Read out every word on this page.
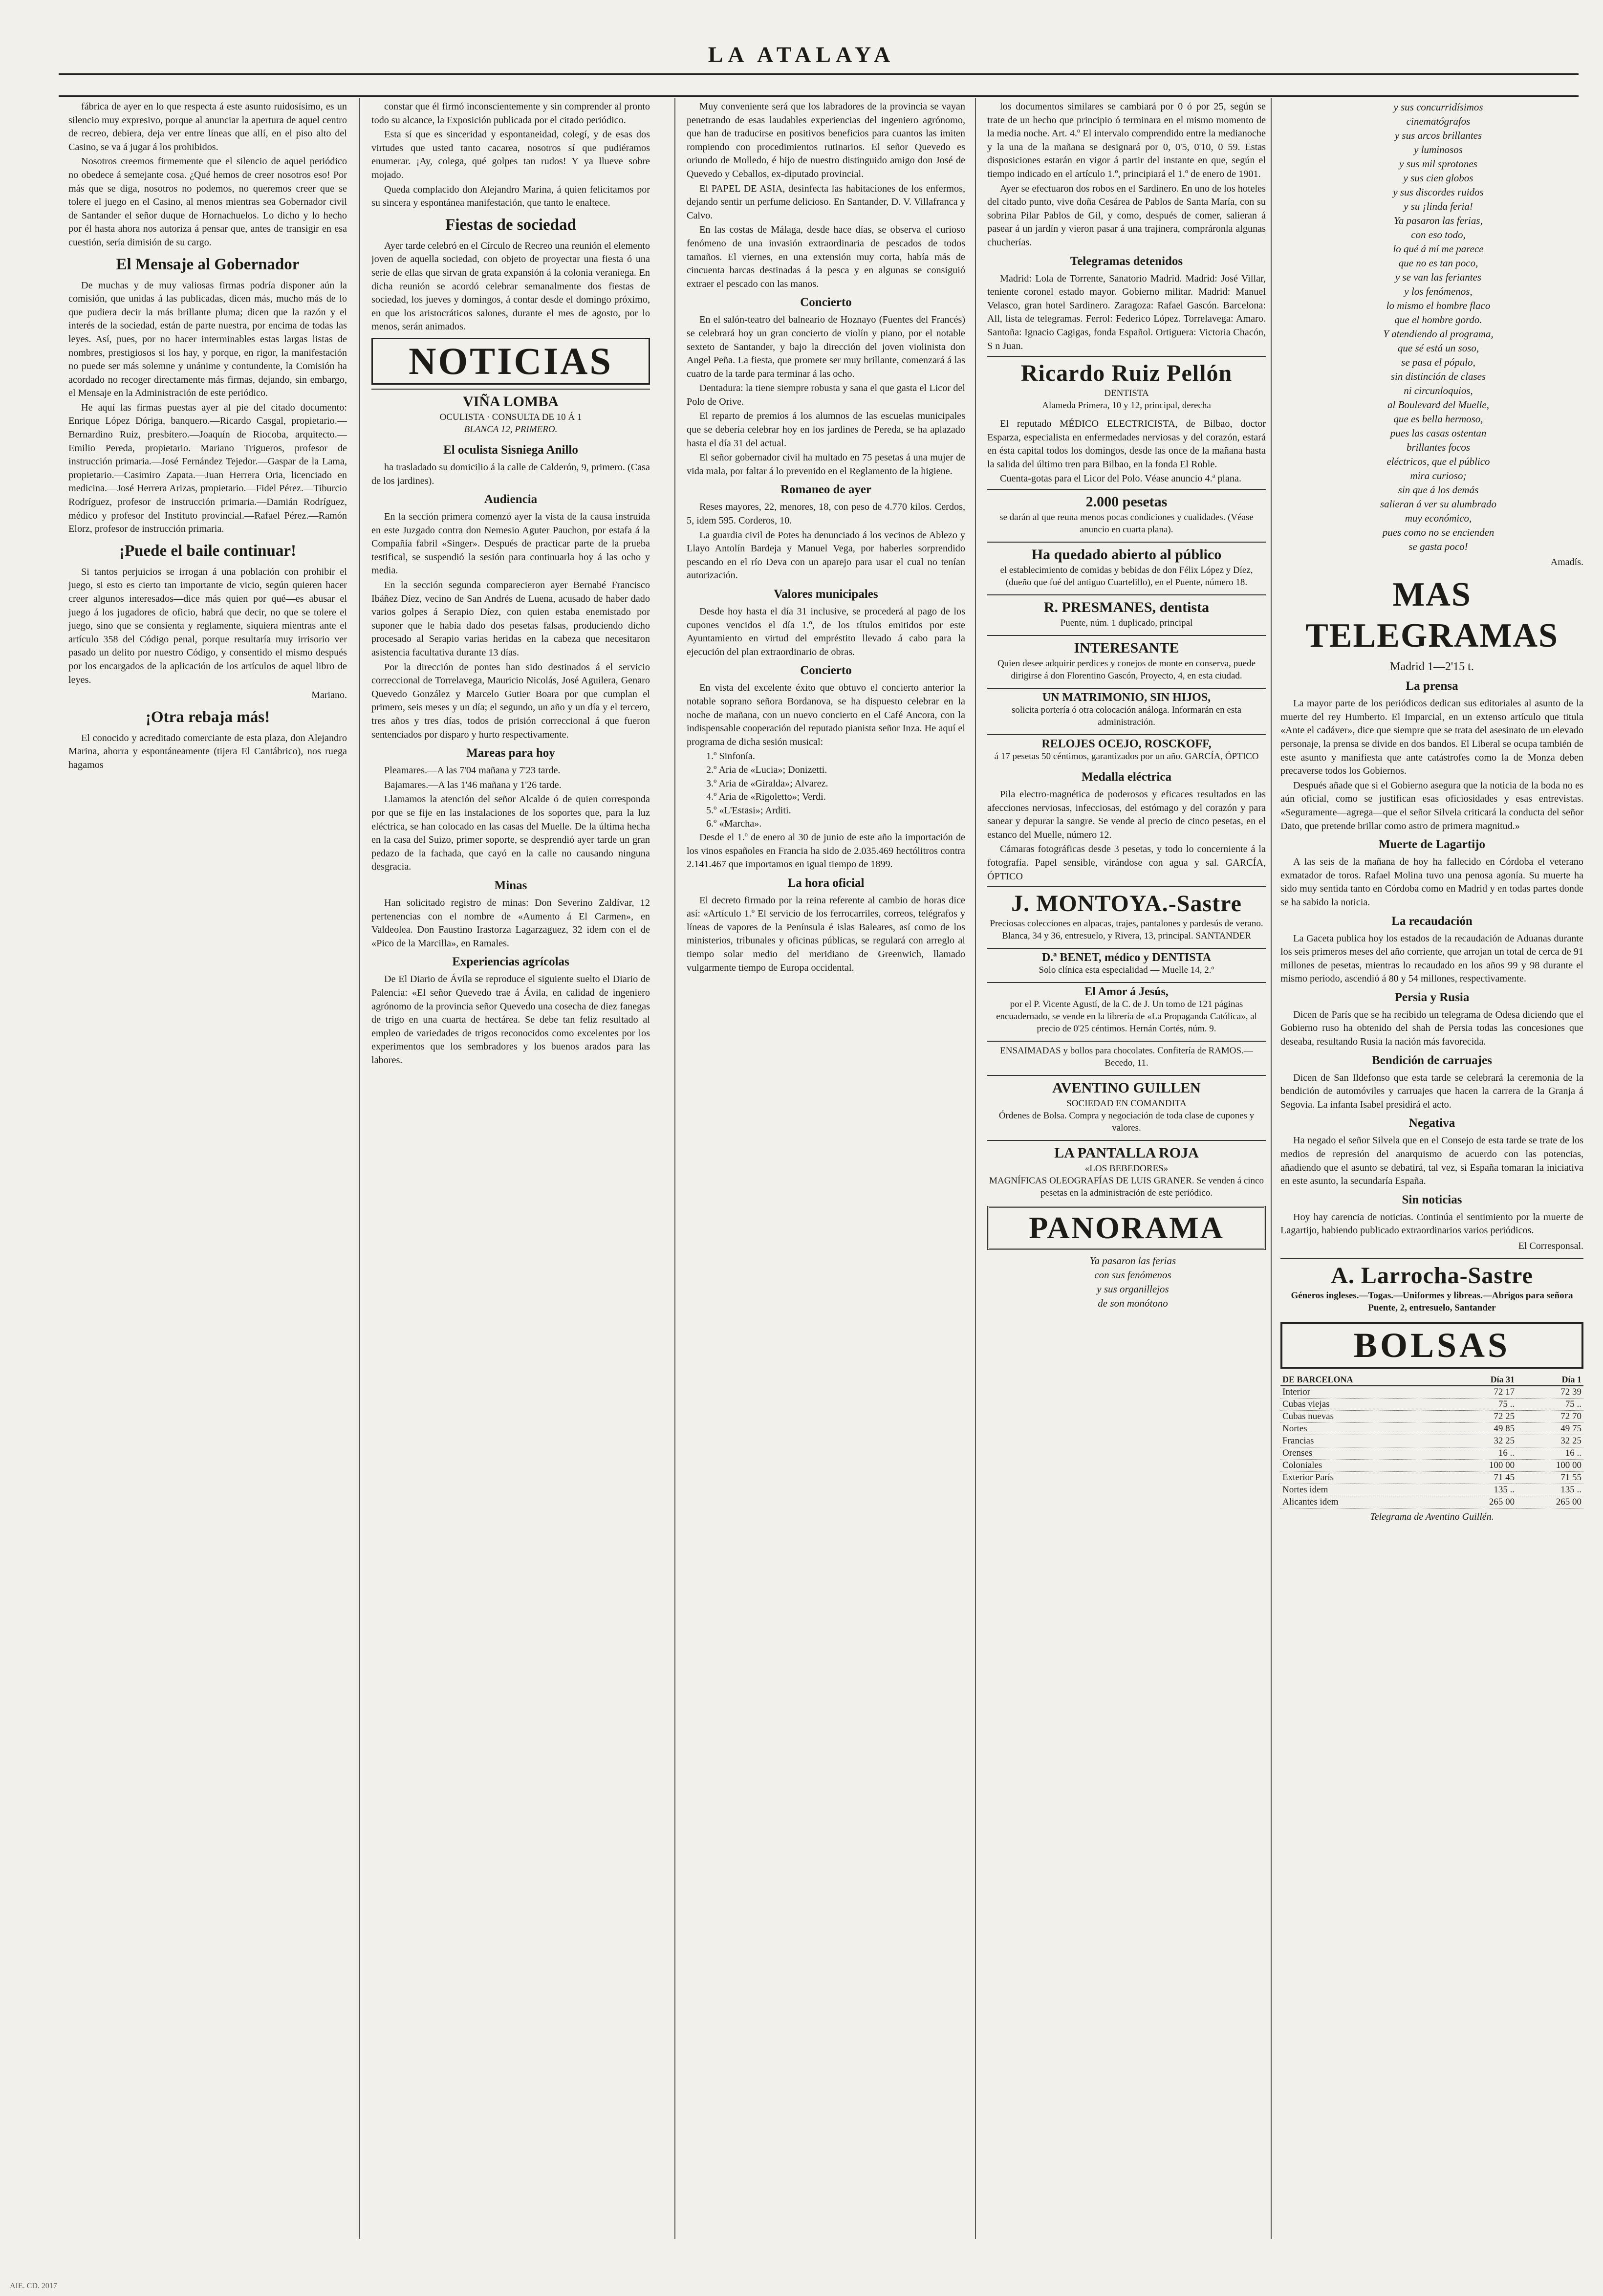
LA ATALAYA

fábrica de ayer en lo que respecta á este asunto ruidosísimo, es un silencio muy expresivo, porque al anunciar la apertura de aquel centro de recreo, debiera, deja ver entre líneas que allí, en el piso alto del Casino, se va á jugar á los prohibidos.

Nosotros creemos firmemente que el silencio de aquel periódico no obedece á semejante cosa. ¿Qué hemos de creer nosotros eso! Por más que se diga, nosotros no podemos, no queremos creer que se tolere el juego en el Casino, al menos mientras sea Gobernador civil de Santander el señor duque de Hornachuelos. Lo dicho y lo hecho por él hasta ahora nos autoriza á pensar que, antes de transigir en esa cuestión, sería dimisión de su cargo.

El Mensaje al Gobernador

De muchas y de muy valiosas firmas podría disponer aún la comisión, que unidas á las publicadas, dicen más, mucho más de lo que pudiera decir la más brillante pluma; dicen que la razón y el interés de la sociedad, están de parte nuestra, por encima de todas las leyes. Así, pues, por no hacer interminables estas largas listas de nombres, prestigiosos si los hay, y porque, en rigor, la manifestación no puede ser más solemne y unánime y contundente, la Comisión ha acordado no recoger directamente más firmas, dejando, sin embargo, el Mensaje en la Administración de este periódico.

He aquí las firmas puestas ayer al pie del citado documento: Enrique López Dóriga, banquero.—Ricardo Casgal, propietario.—Bernardino Ruiz, presbítero.—Joaquín de Riocoba, arquitecto.—Emilio Pereda, propietario.—Mariano Trigueros, profesor de instrucción primaria.—José Fernández Tejedor.—Gaspar de la Lama, propietario.—Casimiro Zapata.—Juan Herrera Oria, licenciado en medicina.—José Herrera Arizas, propietario.—Fidel Pérez.—Tiburcio Rodríguez, profesor de instrucción primaria.—Damián Rodríguez, médico y profesor del Instituto provincial.—Rafael Pérez.—Ramón Elorz, profesor de instrucción primaria.

¡Puede el baile continuar!

Si tantos perjuicios se irrogan á una población con prohibir el juego, si esto es cierto tan importante de vicio, según quieren hacer creer algunos interesados—dice más quien por qué—es abusar el juego á los jugadores de oficio, habrá que decir, no que se tolere el juego, sino que se consienta y reglamente, siquiera mientras ante el artículo 358 del Código penal, porque resultaría muy irrisorio ver pasado un delito por nuestro Código, y consentido el mismo después por los encargados de la aplicación de los artículos de aquel libro de leyes.

Mariano.
¡Otra rebaja más!

El conocido y acreditado comerciante de esta plaza, don Alejandro Marina, ahorra y espontáneamente (tijera El Cantábrico), nos ruega hagamos

constar que él firmó inconscientemente y sin comprender al pronto todo su alcance, la Exposición publicada por el citado periódico.

Esta sí que es sinceridad y espontaneidad, colegí, y de esas dos virtudes que usted tanto cacarea, nosotros sí que pudiéramos enumerar. ¡Ay, colega, qué golpes tan rudos! Y ya llueve sobre mojado.

Queda complacido don Alejandro Marina, á quien felicitamos por su sincera y espontánea manifestación, que tanto le enaltece.

Fiestas de sociedad

Ayer tarde celebró en el Círculo de Recreo una reunión el elemento joven de aquella sociedad, con objeto de proyectar una fiesta ó una serie de ellas que sirvan de grata expansión á la colonia veraniega. En dicha reunión se acordó celebrar semanalmente dos fiestas de sociedad, los jueves y domingos, á contar desde el domingo próximo, en que los aristocráticos salones, durante el mes de agosto, por lo menos, serán animados.

NOTICIAS
VIÑA LOMBA
OCULISTA · CONSULTA DE 10 Á 1
BLANCA 12, PRIMERO.
El oculista Sisniega Anillo

ha trasladado su domicilio á la calle de Calderón, 9, primero. (Casa de los jardines).

Audiencia

En la sección primera comenzó ayer la vista de la causa instruida en este Juzgado contra don Nemesio Aguter Pauchon, por estafa á la Compañía fabril «Singer». Después de practicar parte de la prueba testifical, se suspendió la sesión para continuarla hoy á las ocho y media.

En la sección segunda comparecieron ayer Bernabé Francisco Ibáñez Díez, vecino de San Andrés de Luena, acusado de haber dado varios golpes á Serapio Díez, con quien estaba enemistado por suponer que le había dado dos pesetas falsas, produciendo dicho procesado al Serapio varias heridas en la cabeza que necesitaron asistencia facultativa durante 13 días.

Por la dirección de pontes han sido destinados á el servicio correccional de Torrelavega, Mauricio Nicolás, José Aguilera, Genaro Quevedo González y Marcelo Gutier Boara por que cumplan el primero, seis meses y un día; el segundo, un año y un día y el tercero, tres años y tres días, todos de prisión correccional á que fueron sentenciados por disparo y hurto respectivamente.

Mareas para hoy

Pleamares.—A las 7'04 mañana y 7'23 tarde.

Bajamares.—A las 1'46 mañana y 1'26 tarde.

Llamamos la atención del señor Alcalde ó de quien corresponda por que se fije en las instalaciones de los soportes que, para la luz eléctrica, se han colocado en las casas del Muelle. De la última hecha en la casa del Suizo, primer soporte, se desprendió ayer tarde un gran pedazo de la fachada, que cayó en la calle no causando ninguna desgracia.

Minas

Han solicitado registro de minas: Don Severino Zaldívar, 12 pertenencias con el nombre de «Aumento á El Carmen», en Valdeolea. Don Faustino Irastorza Lagarzaguez, 32 idem con el de «Pico de la Marcilla», en Ramales.

Experiencias agrícolas

De El Diario de Ávila se reproduce el siguiente suelto el Diario de Palencia: «El señor Quevedo trae á Ávila, en calidad de ingeniero agrónomo de la provincia señor Quevedo una cosecha de diez fanegas de trigo en una cuarta de hectárea. Se debe tan feliz resultado al empleo de variedades de trigos reconocidos como excelentes por los experimentos que los sembradores y los buenos arados para las labores.

Muy conveniente será que los labradores de la provincia se vayan penetrando de esas laudables experiencias del ingeniero agrónomo, que han de traducirse en positivos beneficios para cuantos las imiten rompiendo con procedimientos rutinarios. El señor Quevedo es oriundo de Molledo, é hijo de nuestro distinguido amigo don José de Quevedo y Ceballos, ex-diputado provincial.

El PAPEL DE ASIA, desinfecta las habitaciones de los enfermos, dejando sentir un perfume delicioso. En Santander, D. V. Villafranca y Calvo.

En las costas de Málaga, desde hace días, se observa el curioso fenómeno de una invasión extraordinaria de pescados de todos tamaños. El viernes, en una extensión muy corta, había más de cincuenta barcas destinadas á la pesca y en algunas se consiguió extraer el pescado con las manos.

Concierto

En el salón-teatro del balneario de Hoznayo (Fuentes del Francés) se celebrará hoy un gran concierto de violín y piano, por el notable sexteto de Santander, y bajo la dirección del joven violinista don Angel Peña. La fiesta, que promete ser muy brillante, comenzará á las cuatro de la tarde para terminar á las ocho.

Dentadura: la tiene siempre robusta y sana el que gasta el Licor del Polo de Orive.

El reparto de premios á los alumnos de las escuelas municipales que se debería celebrar hoy en los jardines de Pereda, se ha aplazado hasta el día 31 del actual.

El señor gobernador civil ha multado en 75 pesetas á una mujer de vida mala, por faltar á lo prevenido en el Reglamento de la higiene.

Romaneo de ayer

Reses mayores, 22, menores, 18, con peso de 4.770 kilos. Cerdos, 5, idem 595. Corderos, 10.

La guardia civil de Potes ha denunciado á los vecinos de Ablezo y Llayo Antolín Bardeja y Manuel Vega, por haberles sorprendido pescando en el río Deva con un aparejo para usar el cual no tenían autorización.

Valores municipales

Desde hoy hasta el día 31 inclusive, se procederá al pago de los cupones vencidos el día 1.º, de los títulos emitidos por este Ayuntamiento en virtud del empréstito llevado á cabo para la ejecución del plan extraordinario de obras.

Concierto

En vista del excelente éxito que obtuvo el concierto anterior la notable soprano señora Bordanova, se ha dispuesto celebrar en la noche de mañana, con un nuevo concierto en el Café Ancora, con la indispensable cooperación del reputado pianista señor Inza. He aquí el programa de dicha sesión musical:

1.º Sinfonía.
2.º Aria de «Lucia»; Donizetti.
3.º Aria de «Giralda»; Alvarez.
4.º Aria de «Rigoletto»; Verdi.
5.º «L'Estasi»; Arditi.
6.º «Marcha».

Desde el 1.º de enero al 30 de junio de este año la importación de los vinos españoles en Francia ha sido de 2.035.469 hectólitros contra 2.141.467 que importamos en igual tiempo de 1899.

La hora oficial

El decreto firmado por la reina referente al cambio de horas dice así: «Artículo 1.º El servicio de los ferrocarriles, correos, telégrafos y líneas de vapores de la Península é islas Baleares, así como de los ministerios, tribunales y oficinas públicas, se regulará con arreglo al tiempo solar medio del meridiano de Greenwich, llamado vulgarmente tiempo de Europa occidental.

los documentos similares se cambiará por 0 ó por 25, según se trate de un hecho que principio ó terminara en el mismo momento de la media noche. Art. 4.º El intervalo comprendido entre la medianoche y la una de la mañana se designará por 0, 0'5, 0'10, 0 59. Estas disposiciones estarán en vigor á partir del instante en que, según el tiempo indicado en el artículo 1.º, principiará el 1.º de enero de 1901.

Ayer se efectuaron dos robos en el Sardinero. En uno de los hoteles del citado punto, vive doña Cesárea de Pablos de Santa María, con su sobrina Pilar Pablos de Gil, y como, después de comer, salieran á pasear á un jardín y vieron pasar á una trajinera, compráronla algunas chucherías.

Telegramas detenidos

Madrid: Lola de Torrente, Sanatorio Madrid. Madrid: José Villar, teniente coronel estado mayor. Gobierno militar. Madrid: Manuel Velasco, gran hotel Sardinero. Zaragoza: Rafael Gascón. Barcelona: All, lista de telegramas. Ferrol: Federico López. Torrelavega: Amaro. Santoña: Ignacio Cagigas, fonda Español. Ortiguera: Victoria Chacón, S n Juan.

Ricardo Ruiz Pellón
DENTISTA
Alameda Primera, 10 y 12, principal, derecha

El reputado MÉDICO ELECTRICISTA, de Bilbao, doctor Esparza, especialista en enfermedades nerviosas y del corazón, estará en ésta capital todos los domingos, desde las once de la mañana hasta la salida del último tren para Bilbao, en la fonda El Roble.

Cuenta-gotas para el Licor del Polo. Véase anuncio 4.ª plana.

2.000 pesetas
se darán al que reuna menos pocas condiciones y cualidades. (Véase anuncio en cuarta plana).
Ha quedado abierto al público
el establecimiento de comidas y bebidas de don Félix López y Díez, (dueño que fué del antiguo Cuartelillo), en el Puente, número 18.
R. PRESMANES, dentista
Puente, núm. 1 duplicado, principal
INTERESANTE
Quien desee adquirir perdices y conejos de monte en conserva, puede dirigirse á don Florentino Gascón, Proyecto, 4, en esta ciudad.
UN MATRIMONIO, SIN HIJOS,
solicita portería ó otra colocación análoga. Informarán en esta administración.
RELOJES OCEJO, ROSCKOFF,
á 17 pesetas 50 céntimos, garantizados por un año. GARCÍA, ÓPTICO
Medalla eléctrica

Pila electro-magnética de poderosos y eficaces resultados en las afecciones nerviosas, infecciosas, del estómago y del corazón y para sanear y depurar la sangre. Se vende al precio de cinco pesetas, en el estanco del Muelle, número 12.

Cámaras fotográficas desde 3 pesetas, y todo lo concerniente á la fotografía. Papel sensible, virándose con agua y sal. GARCÍA, ÓPTICO

J. MONTOYA.-Sastre
Preciosas colecciones en alpacas, trajes, pantalones y pardesús de verano. Blanca, 34 y 36, entresuelo, y Rivera, 13, principal. SANTANDER
D.ª BENET, médico y DENTISTA
Solo clínica esta especialidad — Muelle 14, 2.º
El Amor á Jesús,
por el P. Vicente Agustí, de la C. de J. Un tomo de 121 páginas encuadernado, se vende en la librería de «La Propaganda Católica», al precio de 0'25 céntimos. Hernán Cortés, núm. 9.
ENSAIMADAS y bollos para chocolates. Confitería de RAMOS.—Becedo, 11.
AVENTINO GUILLEN
SOCIEDAD EN COMANDITA
Órdenes de Bolsa. Compra y negociación de toda clase de cupones y valores.
LA PANTALLA ROJA
«LOS BEBEDORES»
MAGNÍFICAS OLEOGRAFÍAS DE LUIS GRANER. Se venden á cinco pesetas en la administración de este periódico.
PANORAMA

Ya pasaron las ferias

con sus fenómenos

y sus organillejos

de son monótono

y sus concurridísimos

cinematógrafos

y sus arcos brillantes

y luminosos

y sus mil sprotones

y sus cien globos

y sus discordes ruidos

y su ¡linda feria!

Ya pasaron las ferias,

con eso todo,

lo qué á mí me parece

que no es tan poco,

y se van las feriantes

y los fenómenos,

lo mismo el hombre flaco

que el hombre gordo.

Y atendiendo al programa,

que sé está un soso,

se pasa el pópulo,

sin distinción de clases

ni circunloquios,

al Boulevard del Muelle,

que es bella hermoso,

pues las casas ostentan

brillantes focos

eléctricos, que el público

mira curioso;

sin que á los demás

salieran á ver su alumbrado

muy económico,

pues como no se encienden

se gasta poco!

Amadís.
MAS TELEGRAMAS
Madrid 1—2'15 t.
La prensa

La mayor parte de los periódicos dedican sus editoriales al asunto de la muerte del rey Humberto. El Imparcial, en un extenso artículo que titula «Ante el cadáver», dice que siempre que se trata del asesinato de un elevado personaje, la prensa se divide en dos bandos. El Liberal se ocupa también de este asunto y manifiesta que ante catástrofes como la de Monza deben precaverse todos los Gobiernos.

Después añade que si el Gobierno asegura que la noticia de la boda no es aún oficial, como se justifican esas oficiosidades y esas entrevistas. «Seguramente—agrega—que el señor Silvela criticará la conducta del señor Dato, que pretende brillar como astro de primera magnitud.»

Muerte de Lagartijo

A las seis de la mañana de hoy ha fallecido en Córdoba el veterano exmatador de toros. Rafael Molina tuvo una penosa agonía. Su muerte ha sido muy sentida tanto en Córdoba como en Madrid y en todas partes donde se ha sabido la noticia.

La recaudación

La Gaceta publica hoy los estados de la recaudación de Aduanas durante los seis primeros meses del año corriente, que arrojan un total de cerca de 91 millones de pesetas, mientras lo recaudado en los años 99 y 98 durante el mismo período, ascendió á 80 y 54 millones, respectivamente.

Persia y Rusia

Dicen de París que se ha recibido un telegrama de Odesa diciendo que el Gobierno ruso ha obtenido del shah de Persia todas las concesiones que deseaba, resultando Rusia la nación más favorecida.

Bendición de carruajes

Dicen de San Ildefonso que esta tarde se celebrará la ceremonia de la bendición de automóviles y carruajes que hacen la carrera de la Granja á Segovia. La infanta Isabel presidirá el acto.

Negativa

Ha negado el señor Silvela que en el Consejo de esta tarde se trate de los medios de represión del anarquismo de acuerdo con las potencias, añadiendo que el asunto se debatirá, tal vez, si España tomaran la iniciativa en este asunto, la secundaría España.

Sin noticias

Hoy hay carencia de noticias. Continúa el sentimiento por la muerte de Lagartijo, habiendo publicado extraordinarios varios periódicos.

El Corresponsal.
A. Larrocha-Sastre
Géneros ingleses.—Togas.—Uniformes y libreas.—Abrigos para señora
Puente, 2, entresuelo, Santander
BOLSAS
DE BARCELONA	Día 31	Día 1
Interior	72 17	72 39
Cubas viejas	75 ..	75 ..
Cubas nuevas	72 25	72 70
Nortes	49 85	49 75
Francias	32 25	32 25
Orenses	16 ..	16 ..
Coloniales	100 00	100 00
Exterior París	71 45	71 55
Nortes idem	135 ..	135 ..
Alicantes idem	265 00	265 00
Telegrama de Aventino Guillén.
AIE. CD. 2017
